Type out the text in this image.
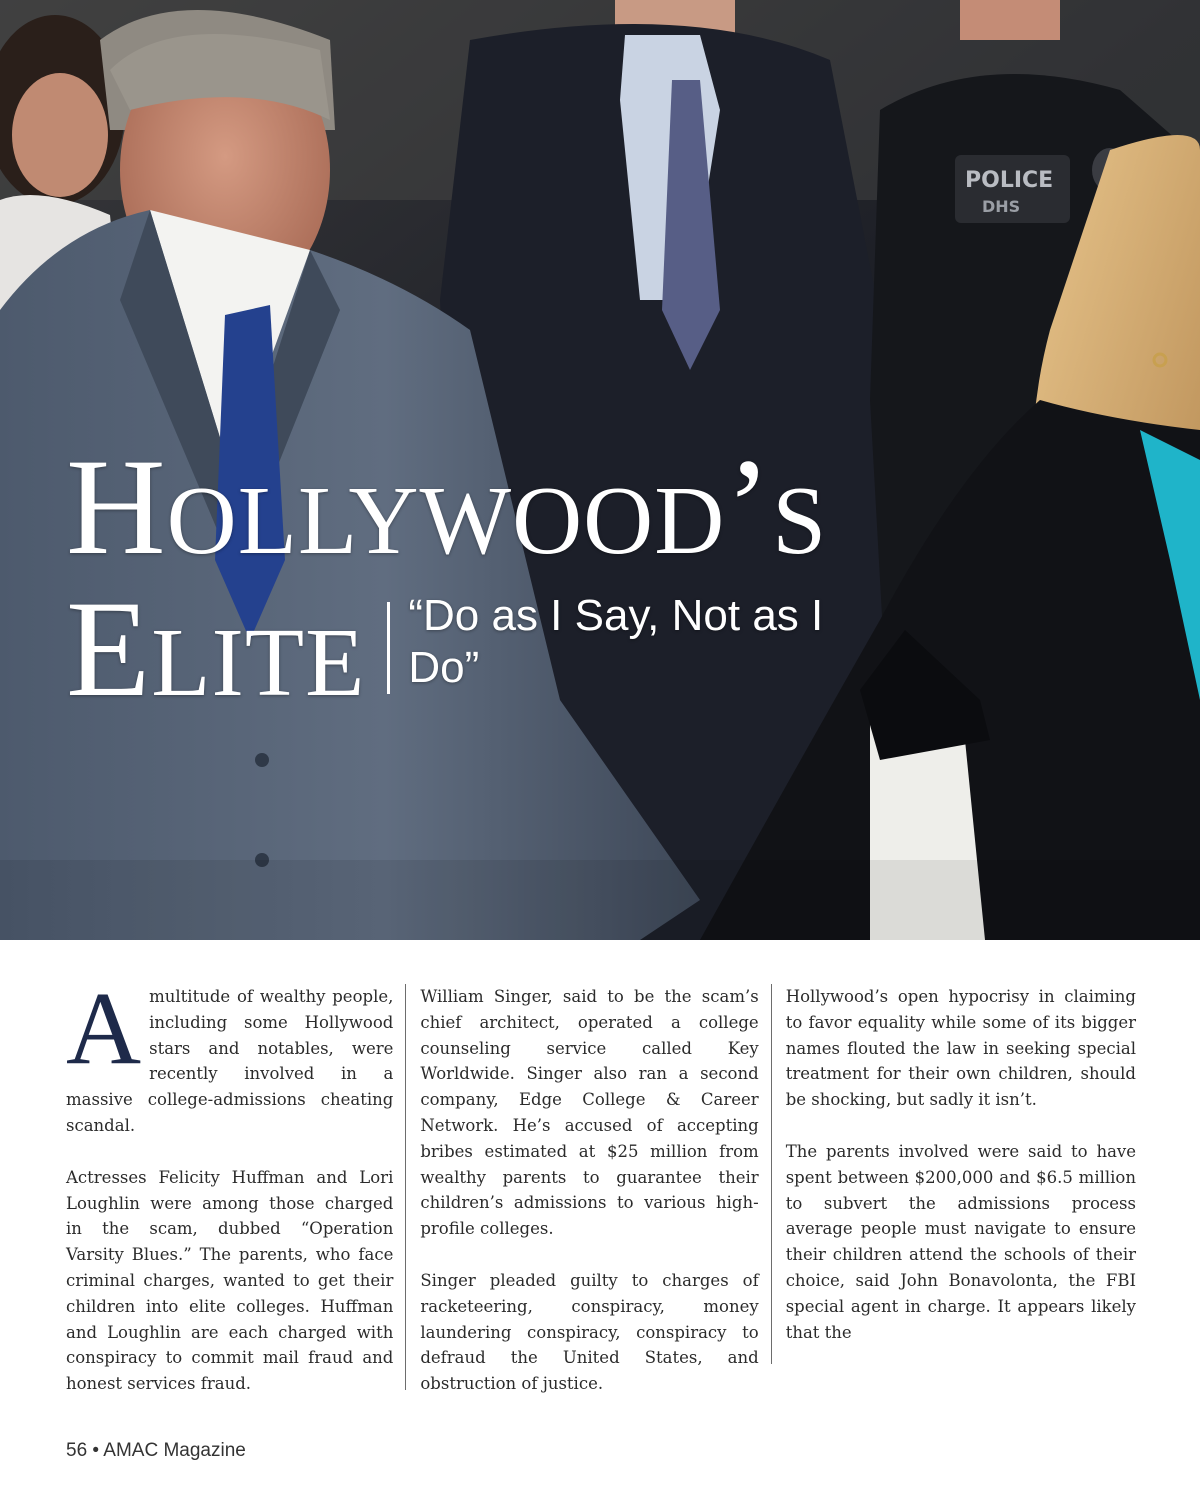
POLICE
DHS
Hollywood’s
Elite “Do as I Say, Not as I Do”

Amultitude of wealthy people, including some Hollywood stars and notables, were recently involved in a massive college-admissions cheating scandal.

Actresses Felicity Huffman and Lori Loughlin were among those charged in the scam, dubbed “Operation Varsity Blues.” The parents, who face criminal charges, wanted to get their children into elite colleges. Huffman and Loughlin are each charged with conspiracy to commit mail fraud and honest services fraud.

William Singer, said to be the scam’s chief architect, operated a college counseling service called Key Worldwide. Singer also ran a second company, Edge College & Career Network. He’s accused of accepting bribes estimated at $25 million from wealthy parents to guarantee their children’s admissions to various high-profile colleges.

Singer pleaded guilty to charges of racketeering, conspiracy, money laundering conspiracy, conspiracy to defraud the United States, and obstruction of justice.

Hollywood’s open hypocrisy in claiming to favor equality while some of its bigger names flouted the law in seeking special treatment for their own children, should be shocking, but sadly it isn’t.

The parents involved were said to have spent between $200,000 and $6.5 million to subvert the admissions process average people must navigate to ensure their children attend the schools of their choice, said John Bonavolonta, the FBI special agent in charge. It appears likely that the

56 • AMAC Magazine
